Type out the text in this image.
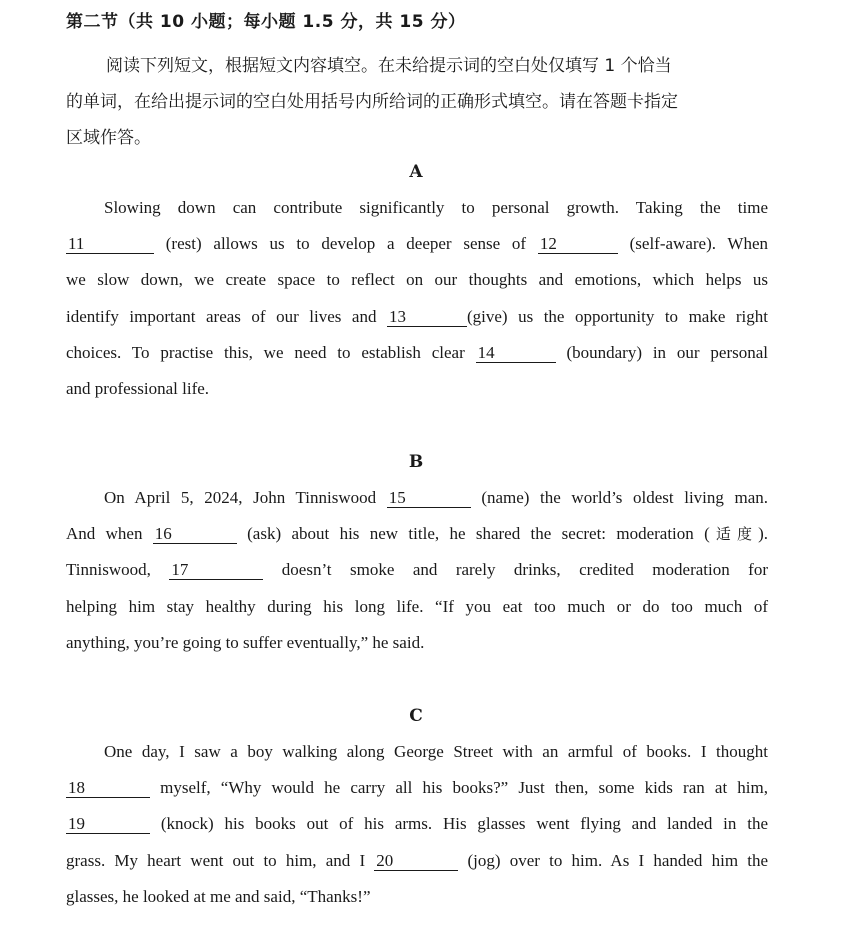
第二节（共 10 小题；每小题 1.5 分，共 15 分）
阅读下列短文，根据短文内容填空。在未给提示词的空白处仅填写 1 个恰当
的单词，在给出提示词的空白处用括号内所给词的正确形式填空。请在答题卡指定
区域作答。
A
Slowing down can contribute significantly to personal growth. Taking the time
11	(rest) allows us to develop a deeper sense of 12	(self-aware). When
we slow down, we create space to reflect on our thoughts and emotions, which helps us
identify important areas of our lives and 13	(give) us the opportunity to make right
choices. To practise this, we need to establish clear 14	(boundary) in our personal
and professional life.
B
On April 5, 2024, John Tinniswood 15	(name) the world’s oldest living man.
And when 16	(ask) about his new title, he shared the secret: moderation (适度).
Tinniswood, 17	doesn’t smoke and rarely drinks, credited moderation for
helping him stay healthy during his long life. “If you eat too much or do too much of
anything, you’re going to suffer eventually,” he said.
C
One day, I saw a boy walking along George Street with an armful of books. I thought
18	myself, “Why would he carry all his books?” Just then, some kids ran at him,
19	(knock) his books out of his arms. His glasses went flying and landed in the
grass. My heart went out to him, and I 20	(jog) over to him. As I handed him the
glasses, he looked at me and said, “Thanks!”
